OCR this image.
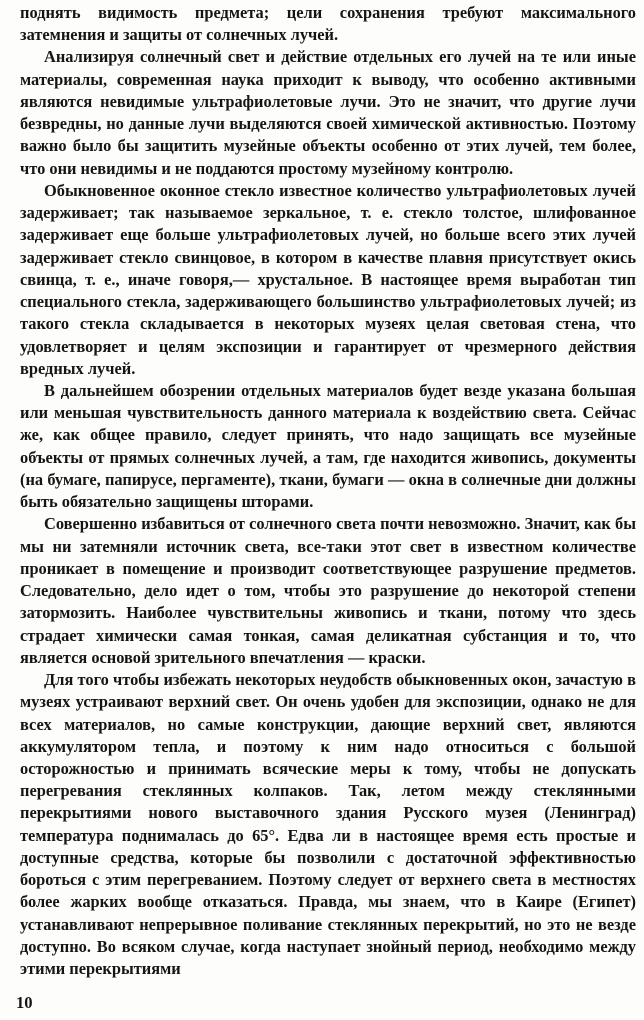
поднять видимость предмета; цели сохранения требуют максимального затемнения и защиты от солнечных лучей.

Анализируя солнечный свет и действие отдельных его лучей на те или иные материалы, современная наука приходит к выводу, что особенно активными являются невидимые ультрафиолетовые лучи. Это не значит, что другие лучи безвредны, но данные лучи выделяются своей химической активностью. Поэтому важно было бы защитить музейные объекты особенно от этих лучей, тем более, что они невидимы и не поддаются простому музейному контролю.

Обыкновенное оконное стекло известное количество ультрафиолетовых лучей задерживает; так называемое зеркальное, т. е. стекло толстое, шлифованное задерживает еще больше ультрафиолетовых лучей, но больше всего этих лучей задерживает стекло свинцовое, в котором в качестве плавня присутствует окись свинца, т. е., иначе говоря,— хрустальное. В настоящее время выработан тип специального стекла, задерживающего большинство ультрафиолетовых лучей; из такого стекла складывается в некоторых музеях целая световая стена, что удовлетворяет и целям экспозиции и гарантирует от чрезмерного действия вредных лучей.

В дальнейшем обозрении отдельных материалов будет везде указана большая или меньшая чувствительность данного материала к воздействию света. Сейчас же, как общее правило, следует принять, что надо защищать все музейные объекты от прямых солнечных лучей, а там, где находится живопись, документы (на бумаге, папирусе, пергаменте), ткани, бумаги — окна в солнечные дни должны быть обязательно защищены шторами.

Совершенно избавиться от солнечного света почти невозможно. Значит, как бы мы ни затемняли источник света, все-таки этот свет в известном количестве проникает в помещение и производит соответствующее разрушение предметов. Следовательно, дело идет о том, чтобы это разрушение до некоторой степени затормозить. Наиболее чувствительны живопись и ткани, потому что здесь страдает химически самая тонкая, самая деликатная субстанция и то, что является основой зрительного впечатления — краски.

Для того чтобы избежать некоторых неудобств обыкновенных окон, зачастую в музеях устраивают верхний свет. Он очень удобен для экспозиции, однако не для всех материалов, но самые конструкции, дающие верхний свет, являются аккумулятором тепла, и поэтому к ним надо относиться с большой осторожностью и принимать всяческие меры к тому, чтобы не допускать перегревания стеклянных колпаков. Так, летом между стеклянными перекрытиями нового выставочного здания Русского музея (Ленинград) температура поднималась до 65°. Едва ли в настоящее время есть простые и доступные средства, которые бы позволили с достаточной эффективностью бороться с этим перегреванием. Поэтому следует от верхнего света в местностях более жарких вообще отказаться. Правда, мы знаем, что в Каире (Египет) устанавливают непрерывное поливание стеклянных перекрытий, но это не везде доступно. Во всяком случае, когда наступает знойный период, необходимо между этими перекрытиями

10
